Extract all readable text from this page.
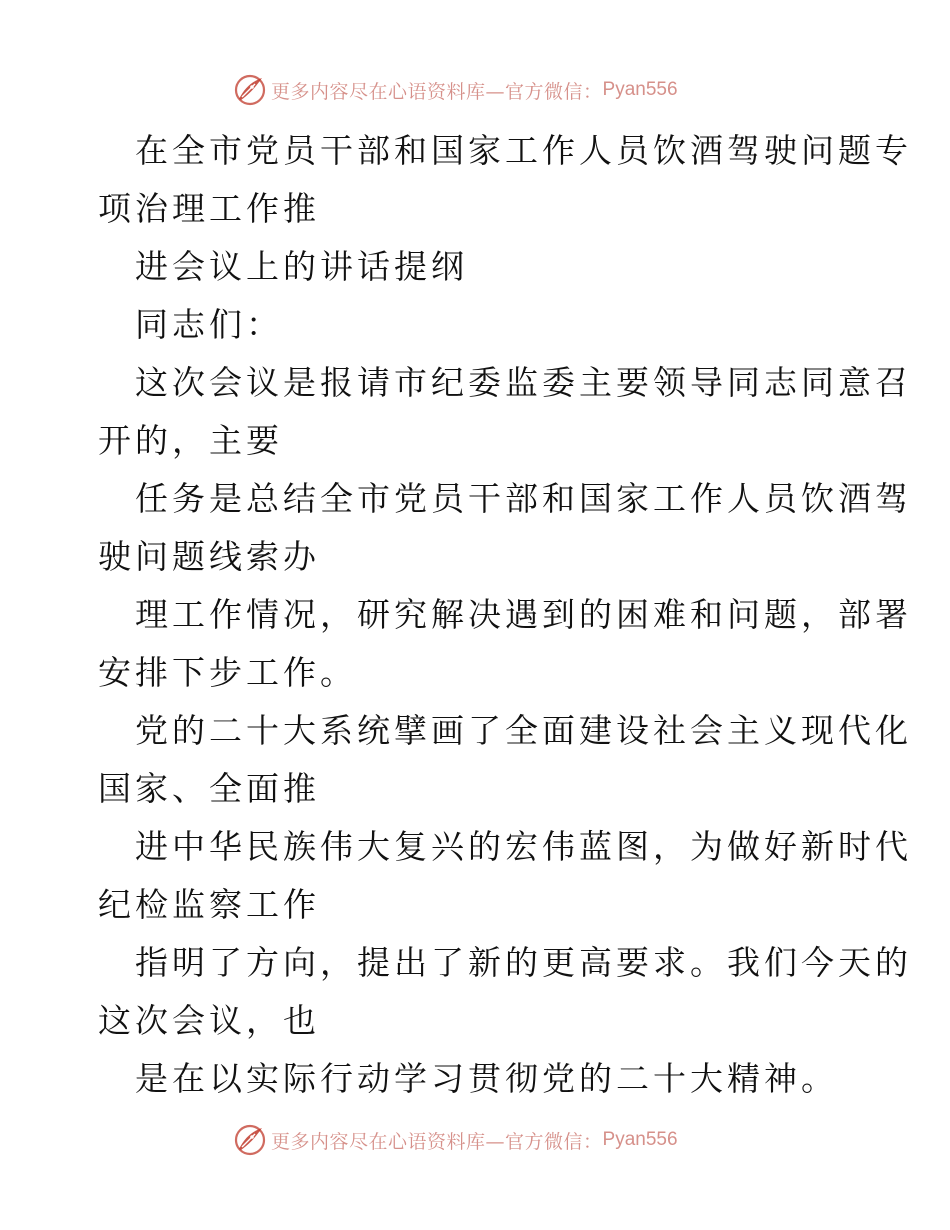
更多内容尽在心语资料库—官方微信： Pyan556
在全市党员干部和国家工作人员饮酒驾驶问题专
项治理工作推
进会议上的讲话提纲
同志们：
这次会议是报请市纪委监委主要领导同志同意召
开的，主要
任务是总结全市党员干部和国家工作人员饮酒驾
驶问题线索办
理工作情况，研究解决遇到的困难和问题，部署
安排下步工作。
党的二十大系统擘画了全面建设社会主义现代化
国家、全面推
进中华民族伟大复兴的宏伟蓝图，为做好新时代
纪检监察工作
指明了方向，提出了新的更高要求。我们今天的
这次会议，也
是在以实际行动学习贯彻党的二十大精神。
更多内容尽在心语资料库—官方微信： Pyan556
